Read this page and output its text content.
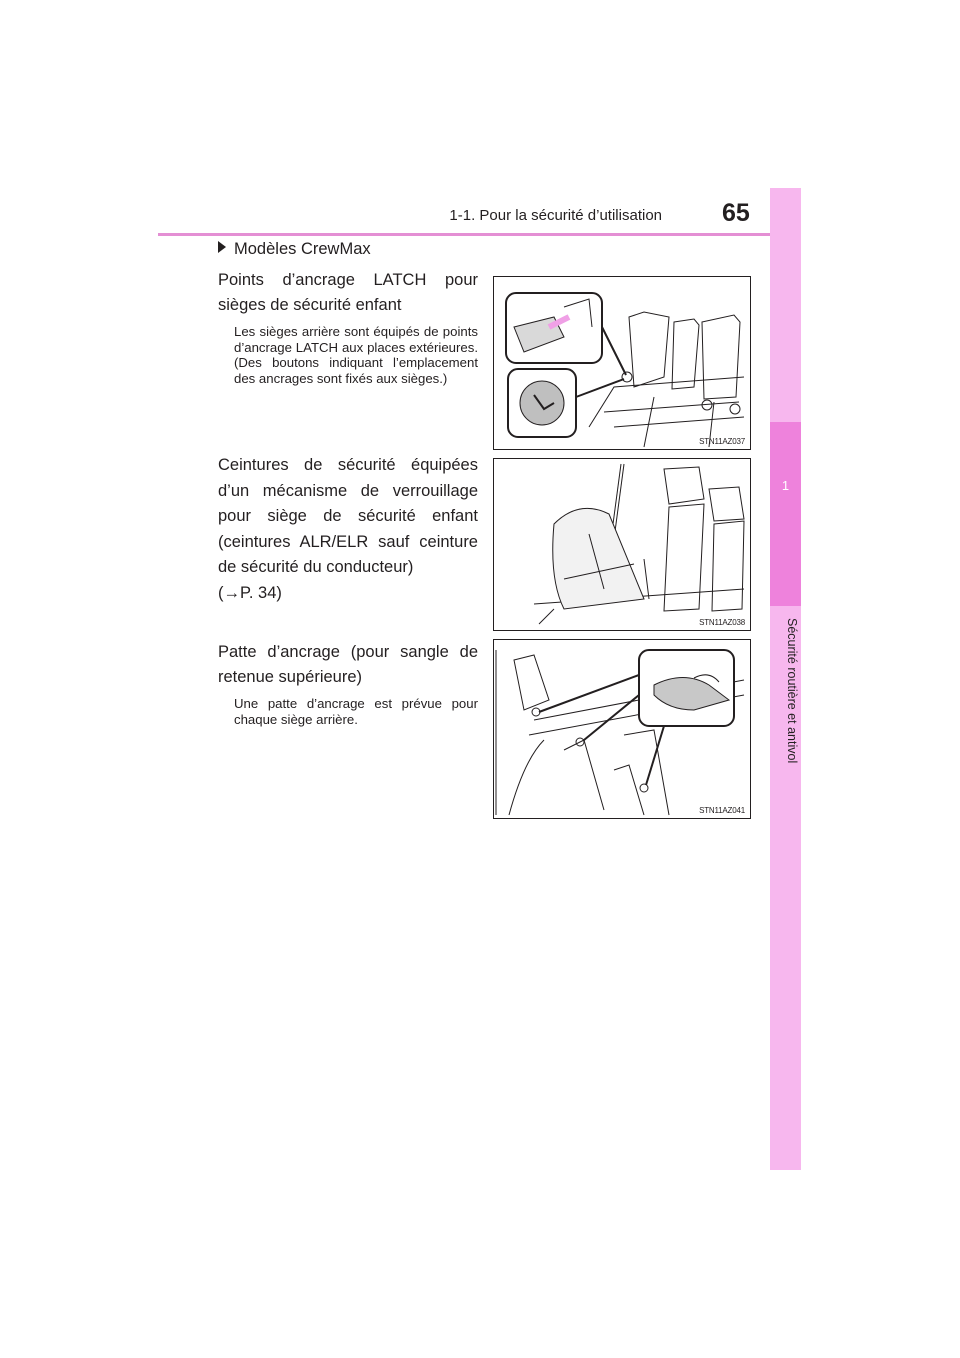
1-1. Pour la sécurité d’utilisation 65
1
Sécurité routière et antivol
Modèles CrewMax
Points d’ancrage LATCH pour sièges de sécurité enfant
Les sièges arrière sont équipés de points d’ancrage LATCH aux places extérieures. (Des boutons indiquant l’emplacement des ancrages sont fixés aux sièges.)
Ceintures de sécurité équipées d’un mécanisme de verrouillage pour siège de sécurité enfant (ceintures ALR/ELR sauf ceinture de sécurité du conducteur)
(→P. 34)
Patte d’ancrage (pour sangle de retenue supérieure)
Une patte d’ancrage est prévue pour chaque siège arrière.
STN11AZ037
STN11AZ038
STN11AZ041
